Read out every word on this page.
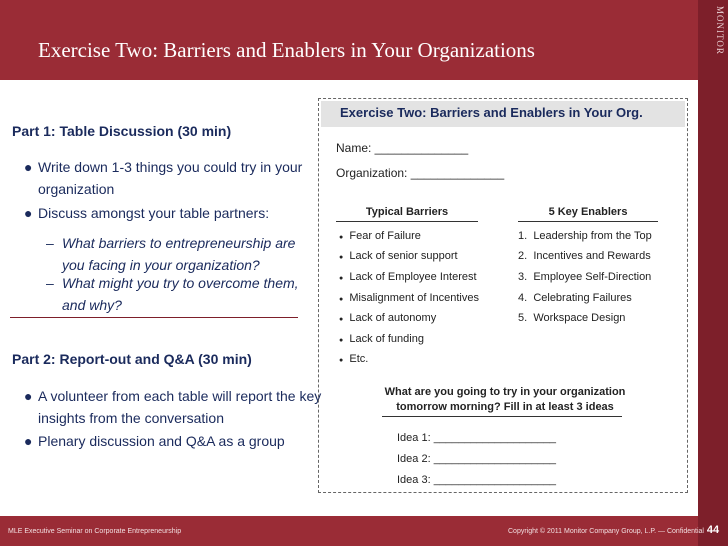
MONITOR
Exercise Two: Barriers and Enablers in Your Organizations
Part 1: Table Discussion (30 min)
● Write down 1-3 things you could try in your organization
● Discuss amongst your table partners:
– What barriers to entrepreneurship are you facing in your organization?
– What might you try to overcome them, and why?
Part 2: Report-out and Q&A (30 min)
● A volunteer from each table will report the key insights from the conversation
● Plenary discussion and Q&A as a group
Exercise Two: Barriers and Enablers in Your Org.
Name: ______________
Organization: ______________
Typical Barriers	5 Key Enablers
● Fear of Failure
● Lack of senior support
● Lack of Employee Interest
● Misalignment of Incentives
● Lack of autonomy
● Lack of funding
● Etc.
1. Leadership from the Top
2. Incentives and Rewards
3. Employee Self-Direction
4. Celebrating Failures
5. Workspace Design
What are you going to try in your organization
tomorrow morning? Fill in at least 3 ideas
Idea 1: ____________________
Idea 2: ____________________
Idea 3: ____________________
MLE Executive Seminar on Corporate Entrepreneurship	Copyright © 2011 Monitor Company Group, L.P. — Confidential 44
